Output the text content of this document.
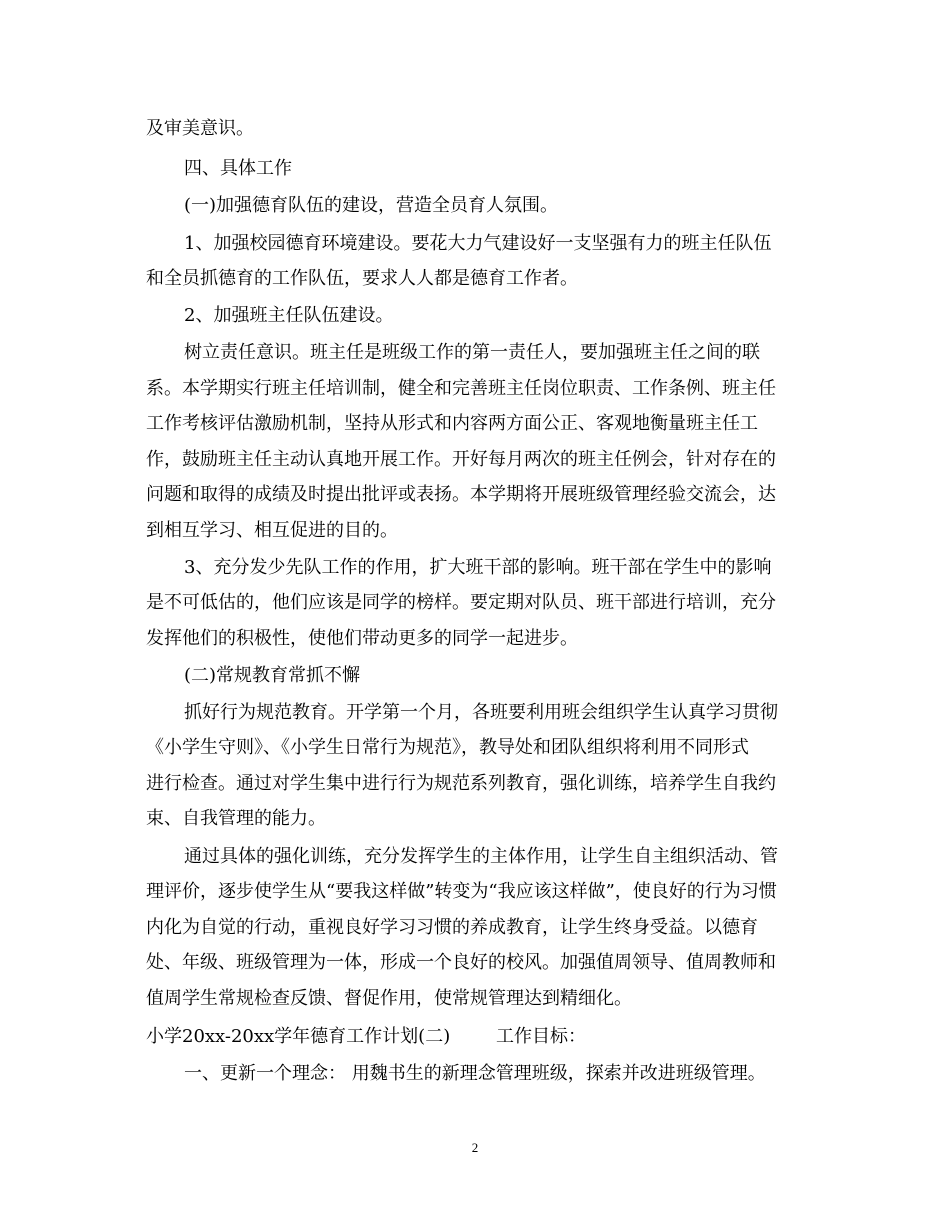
及审美意识。
四、具体工作
(一)加强德育队伍的建设，营造全员育人氛围。
1、加强校园德育环境建设。要花大力气建设好一支坚强有力的班主任队伍
和全员抓德育的工作队伍，要求人人都是德育工作者。
2、加强班主任队伍建设。
树立责任意识。班主任是班级工作的第一责任人，要加强班主任之间的联
系。本学期实行班主任培训制，健全和完善班主任岗位职责、工作条例、班主任
工作考核评估激励机制，坚持从形式和内容两方面公正、客观地衡量班主任工
作，鼓励班主任主动认真地开展工作。开好每月两次的班主任例会，针对存在的
问题和取得的成绩及时提出批评或表扬。本学期将开展班级管理经验交流会，达
到相互学习、相互促进的目的。
3、充分发少先队工作的作用，扩大班干部的影响。班干部在学生中的影响
是不可低估的，他们应该是同学的榜样。要定期对队员、班干部进行培训，充分
发挥他们的积极性，使他们带动更多的同学一起进步。
(二)常规教育常抓不懈
抓好行为规范教育。开学第一个月，各班要利用班会组织学生认真学习贯彻
《小学生守则》、《小学生日常行为规范》，教导处和团队组织将利用不同形式
进行检查。通过对学生集中进行行为规范系列教育，强化训练，培养学生自我约
束、自我管理的能力。
通过具体的强化训练，充分发挥学生的主体作用，让学生自主组织活动、管
理评价，逐步使学生从“要我这样做”转变为“我应该这样做”，使良好的行为习惯
内化为自觉的行动，重视良好学习习惯的养成教育，让学生终身受益。以德育
处、年级、班级管理为一体，形成一个良好的校风。加强值周领导、值周教师和
值周学生常规检查反馈、督促作用，使常规管理达到精细化。
小学20xx-20xx学年德育工作计划(二)        工作目标：
一、更新一个理念： 用魏书生的新理念管理班级，探索并改进班级管理。
2
